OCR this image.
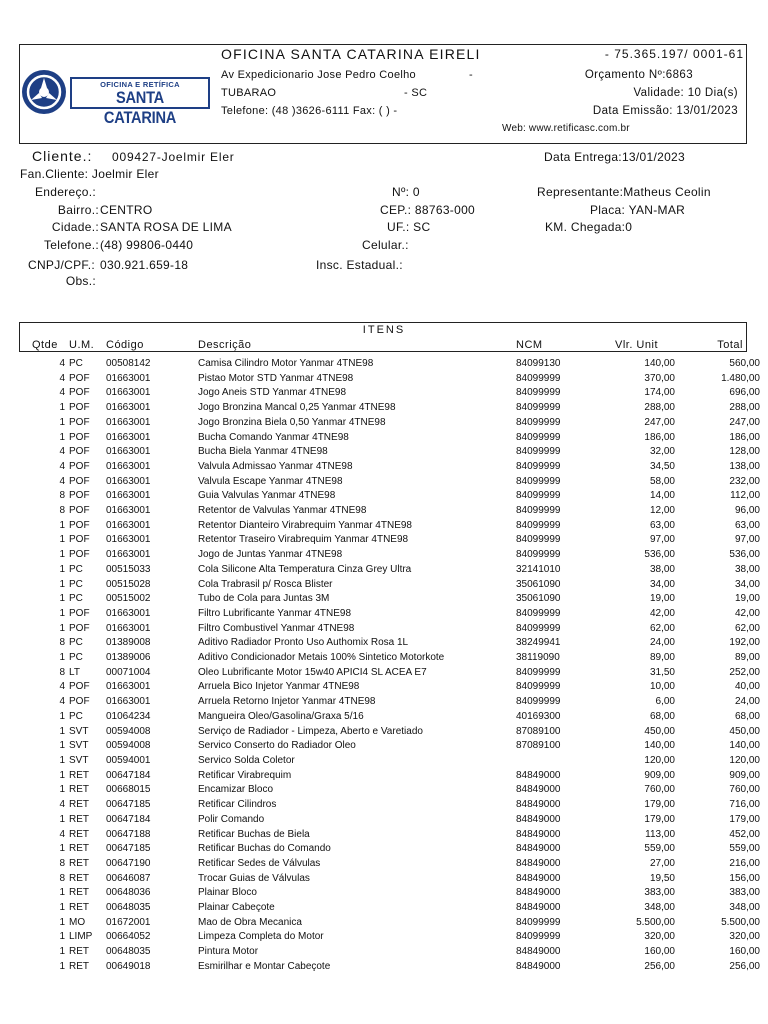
OFICINA E RETÍFICA
SANTA CATARINA
OFICINA SANTA CATARINA EIRELI	- 75.365.197/ 0001-61
Av Expedicionario Jose Pedro Coelho	-
TUBARAO	- SC
Telefone: (48 )3626-6111 Fax: ( ) -
Orçamento Nº:6863
Validade: 10 Dia(s)
Data Emissão: 13/01/2023
Web: www.retificasc.com.br
Cliente.: 009427-Joelmir Eler	Data Entrega:13/01/2023
Fan.Cliente: Joelmir Eler
Endereço.:	Nº: 0	Representante:Matheus Ceolin
Bairro.: CENTRO	CEP.: 88763-000	Placa: YAN-MAR
Cidade.: SANTA ROSA DE LIMA	UF.: SC	KM. Chegada:0
Telefone.: (48) 99806-0440	Celular.:
CNPJ/CPF.: 030.921.659-18	Insc. Estadual.:
Obs.:
ITENS
Qtde U.M. Código	Descrição	NCM	Vlr. Unit	Total
4	PC	00508142	Camisa Cilindro Motor Yanmar 4TNE98	84099130	140,00	560,00
4	POF	01663001	Pistao Motor STD Yanmar 4TNE98	84099999	370,00	1.480,00
4	POF	01663001	Jogo Aneis STD Yanmar 4TNE98	84099999	174,00	696,00
1	POF	01663001	Jogo Bronzina Mancal 0,25 Yanmar 4TNE98	84099999	288,00	288,00
1	POF	01663001	Jogo Bronzina Biela 0,50 Yanmar 4TNE98	84099999	247,00	247,00
1	POF	01663001	Bucha Comando Yanmar 4TNE98	84099999	186,00	186,00
4	POF	01663001	Bucha Biela Yanmar 4TNE98	84099999	32,00	128,00
4	POF	01663001	Valvula Admissao Yanmar 4TNE98	84099999	34,50	138,00
4	POF	01663001	Valvula Escape Yanmar 4TNE98	84099999	58,00	232,00
8	POF	01663001	Guia Valvulas Yanmar 4TNE98	84099999	14,00	112,00
8	POF	01663001	Retentor de Valvulas Yanmar 4TNE98	84099999	12,00	96,00
1	POF	01663001	Retentor Dianteiro Virabrequim Yanmar 4TNE98	84099999	63,00	63,00
1	POF	01663001	Retentor Traseiro Virabrequim Yanmar 4TNE98	84099999	97,00	97,00
1	POF	01663001	Jogo de Juntas Yanmar 4TNE98	84099999	536,00	536,00
1	PC	00515033	Cola Silicone Alta Temperatura Cinza Grey Ultra	32141010	38,00	38,00
1	PC	00515028	Cola Trabrasil p/ Rosca Blister	35061090	34,00	34,00
1	PC	00515002	Tubo de Cola para Juntas 3M	35061090	19,00	19,00
1	POF	01663001	Filtro Lubrificante Yanmar 4TNE98	84099999	42,00	42,00
1	POF	01663001	Filtro Combustivel Yanmar 4TNE98	84099999	62,00	62,00
8	PC	01389008	Aditivo Radiador Pronto Uso Authomix Rosa 1L	38249941	24,00	192,00
1	PC	01389006	Aditivo Condicionador Metais 100% Sintetico Motorkote	38119090	89,00	89,00
8	LT	00071004	Oleo Lubrificante Motor 15w40 APICI4 SL ACEA E7	84099999	31,50	252,00
4	POF	01663001	Arruela Bico Injetor Yanmar 4TNE98	84099999	10,00	40,00
4	POF	01663001	Arruela Retorno Injetor Yanmar 4TNE98	84099999	6,00	24,00
1	PC	01064234	Mangueira Oleo/Gasolina/Graxa 5/16	40169300	68,00	68,00
1	SVT	00594008	Serviço de Radiador - Limpeza, Aberto e Varetiado	87089100	450,00	450,00
1	SVT	00594008	Servico Conserto do Radiador Oleo	87089100	140,00	140,00
1	SVT	00594001	Servico Solda Coletor		120,00	120,00
1	RET	00647184	Retificar Virabrequim	84849000	909,00	909,00
1	RET	00668015	Encamizar Bloco	84849000	760,00	760,00
4	RET	00647185	Retificar Cilindros	84849000	179,00	716,00
1	RET	00647184	Polir Comando	84849000	179,00	179,00
4	RET	00647188	Retificar Buchas de Biela	84849000	113,00	452,00
1	RET	00647185	Retificar Buchas do Comando	84849000	559,00	559,00
8	RET	00647190	Retificar Sedes de Válvulas	84849000	27,00	216,00
8	RET	00646087	Trocar Guias de Válvulas	84849000	19,50	156,00
1	RET	00648036	Plainar Bloco	84849000	383,00	383,00
1	RET	00648035	Plainar Cabeçote	84849000	348,00	348,00
1	MO	01672001	Mao de Obra Mecanica	84099999	5.500,00	5.500,00
1	LIMP	00664052	Limpeza Completa do Motor	84099999	320,00	320,00
1	RET	00648035	Pintura Motor	84849000	160,00	160,00
1	RET	00649018	Esmirilhar e Montar Cabeçote	84849000	256,00	256,00
